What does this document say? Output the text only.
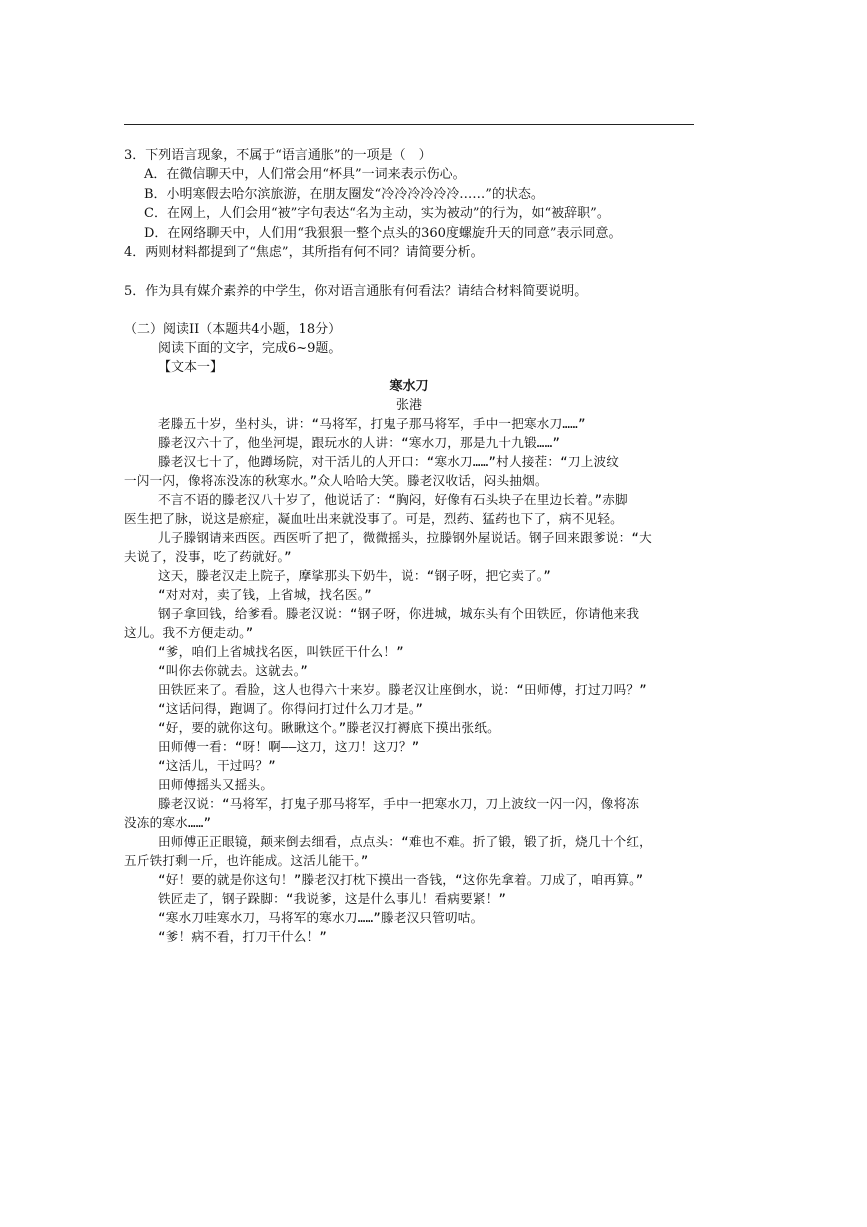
3．下列语言现象，不属于“语言通胀”的一项是（　）
A．在微信聊天中，人们常会用“杯具”一词来表示伤心。
B．小明寒假去哈尔滨旅游，在朋友圈发“冷冷冷冷冷冷……”的状态。
C．在网上，人们会用“被”字句表达“名为主动，实为被动”的行为，如“被辞职”。
D．在网络聊天中，人们用“我狠狠一整个点头的360度螺旋升天的同意”表示同意。
4．两则材料都提到了“焦虑”，其所指有何不同？请简要分析。
5．作为具有媒介素养的中学生，你对语言通胀有何看法？请结合材料简要说明。
（二）阅读II（本题共4小题，18分）
阅读下面的文字，完成6~9题。
【文本一】
寒水刀
张港
老滕五十岁，坐村头，讲：“马将军，打鬼子那马将军，手中一把寒水刀……”
滕老汉六十了，他坐河堤，跟玩水的人讲：“寒水刀，那是九十九锻……”
滕老汉七十了，他蹲场院，对干活儿的人开口：“寒水刀……”村人接茬：“刀上波纹
一闪一闪，像将冻没冻的秋寒水。”众人哈哈大笑。滕老汉收话，闷头抽烟。
不言不语的滕老汉八十岁了，他说话了：“胸闷，好像有石头块子在里边长着。”赤脚
医生把了脉，说这是瘀症，凝血吐出来就没事了。可是，烈药、猛药也下了，病不见轻。
儿子滕钢请来西医。西医听了把了，微微摇头，拉滕钢外屋说话。钢子回来跟爹说：“大
夫说了，没事，吃了药就好。”
这天，滕老汉走上院子，摩挲那头下奶牛，说：“钢子呀，把它卖了。”
“对对对，卖了钱，上省城，找名医。”
钢子拿回钱，给爹看。滕老汉说：“钢子呀，你进城，城东头有个田铁匠，你请他来我
这儿。我不方便走动。”
“爹，咱们上省城找名医，叫铁匠干什么！”
“叫你去你就去。这就去。”
田铁匠来了。看脸，这人也得六十来岁。滕老汉让座倒水，说：“田师傅，打过刀吗？”
“这话问得，跑调了。你得问打过什么刀才是。”
“好，要的就你这句。瞅瞅这个。”滕老汉打褥底下摸出张纸。
田师傅一看：“呀！啊——这刀，这刀！这刀？”
“这活儿，干过吗？”
田师傅摇头又摇头。
滕老汉说：“马将军，打鬼子那马将军，手中一把寒水刀，刀上波纹一闪一闪，像将冻
没冻的寒水……”
田师傅正正眼镜，颠来倒去细看，点点头：“难也不难。折了锻，锻了折，烧几十个红，
五斤铁打剩一斤，也许能成。这活儿能干。”
“好！要的就是你这句！”滕老汉打枕下摸出一沓钱，“这你先拿着。刀成了，咱再算。”
铁匠走了，钢子跺脚：“我说爹，这是什么事儿！看病要紧！”
“寒水刀哇寒水刀，马将军的寒水刀……”滕老汉只管叨咕。
“爹！病不看，打刀干什么！”
